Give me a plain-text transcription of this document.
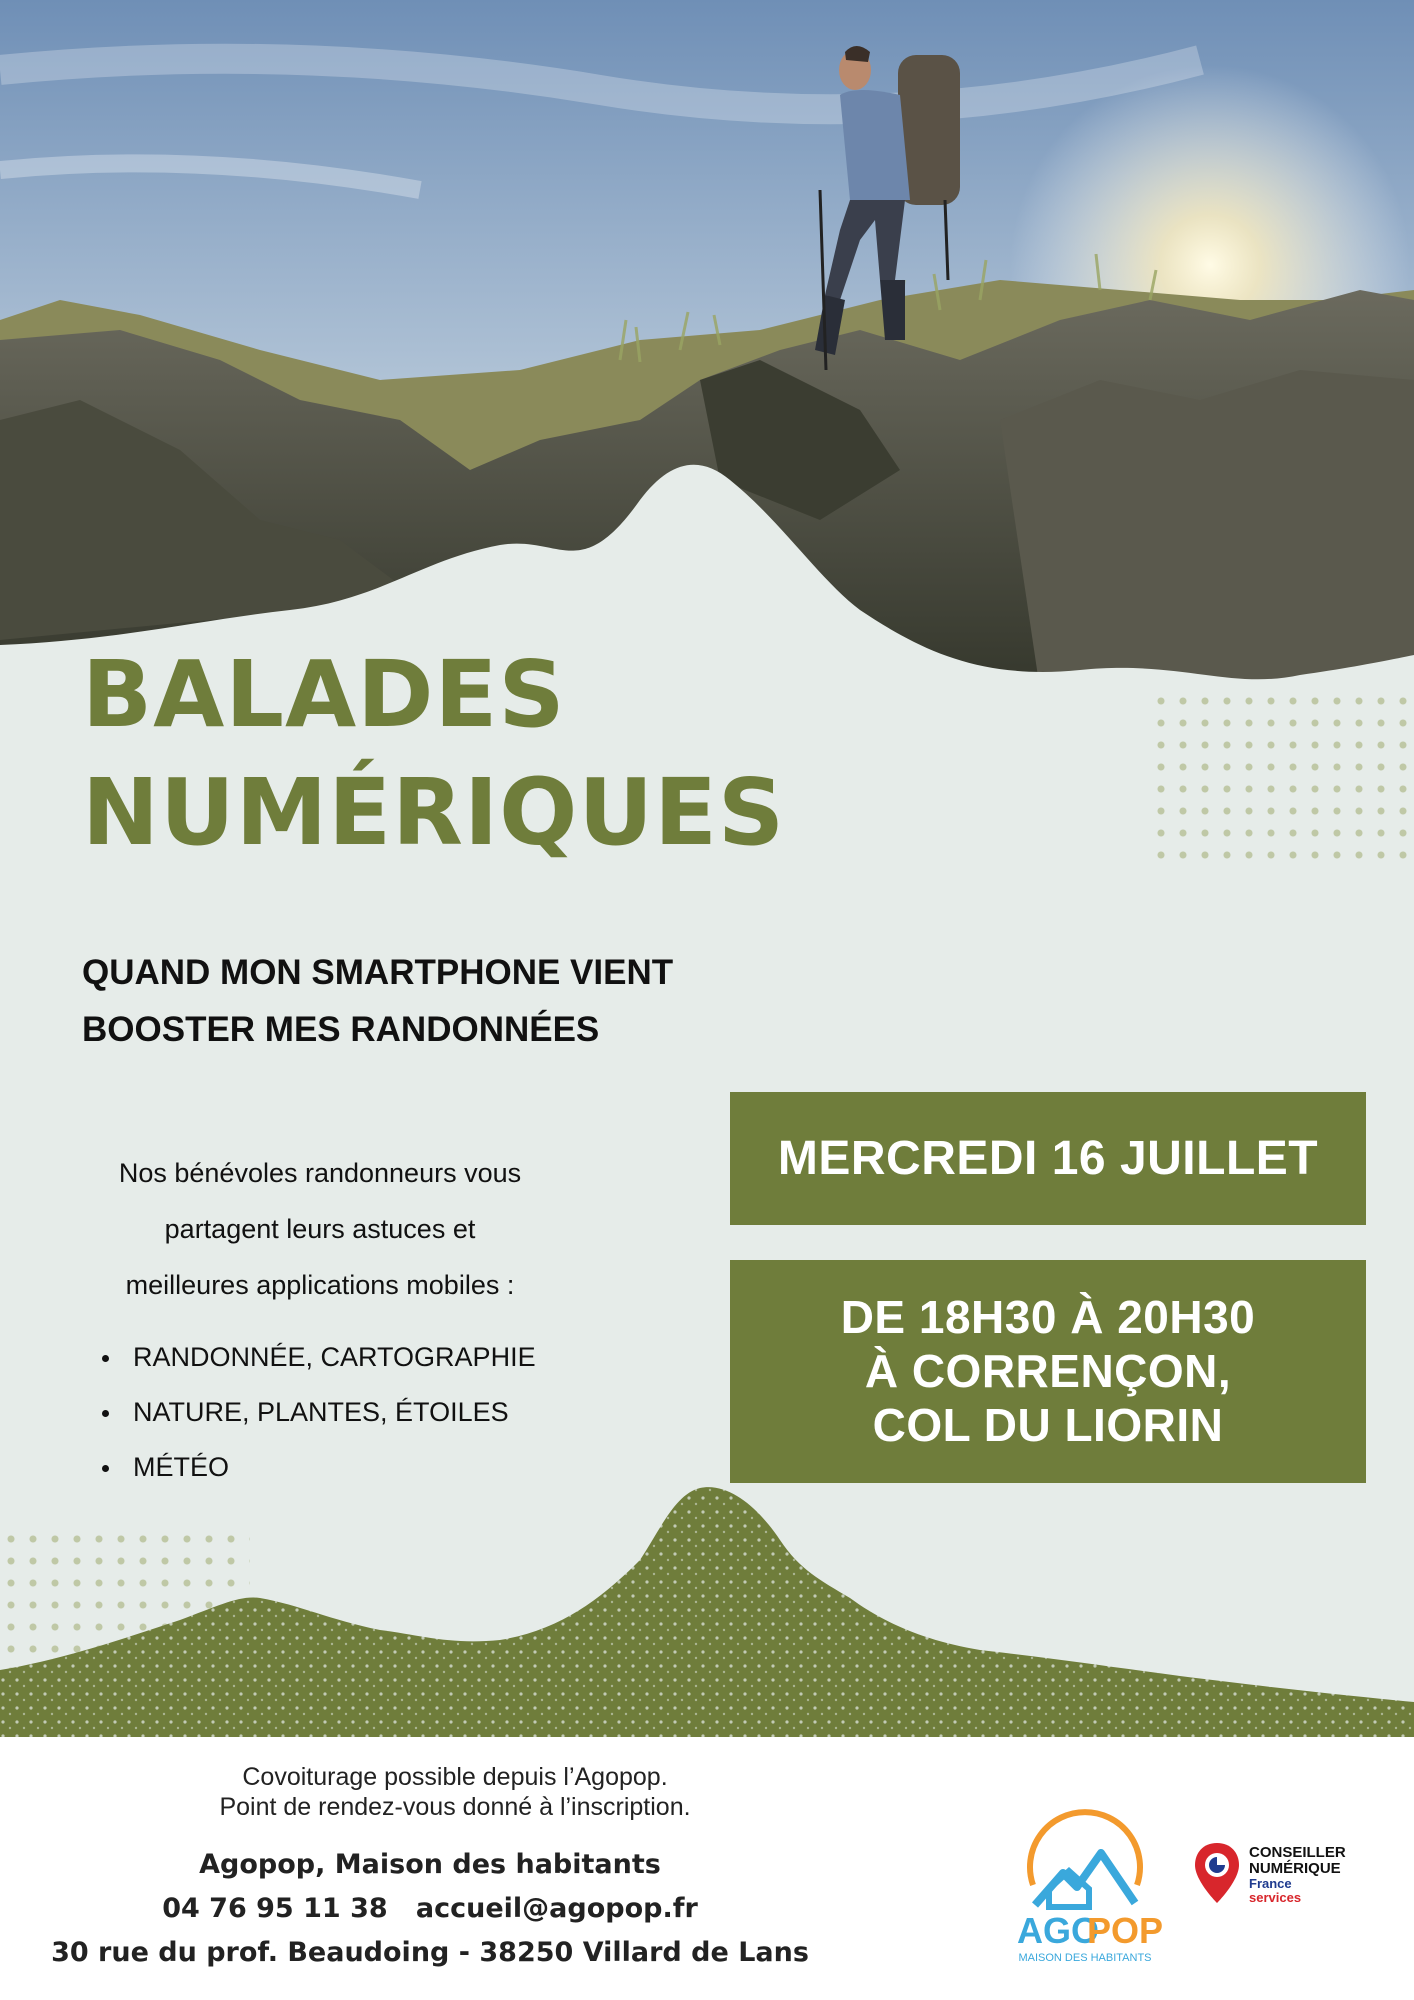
BALADES
NUMÉRIQUES
QUAND MON SMARTPHONE VIENT
BOOSTER MES RANDONNÉES
Nos bénévoles randonneurs vous
partagent leurs astuces et
meilleures applications mobiles :
RANDONNÉE, CARTOGRAPHIE
NATURE, PLANTES, ÉTOILES
MÉTÉO
MERCREDI 16 JUILLET
DE 18H30 À 20H30
À CORRENÇON,
COL DU LIORIN
Covoiturage possible depuis l’Agopop.
Point de rendez-vous donné à l’inscription.
Agopop, Maison des habitants
04 76 95 11 38 accueil@agopop.fr
30 rue du prof. Beaudoing - 38250 Villard de Lans
AGO
POP
MAISON DES HABITANTS
CONSEILLER
NUMÉRIQUE
France
services
